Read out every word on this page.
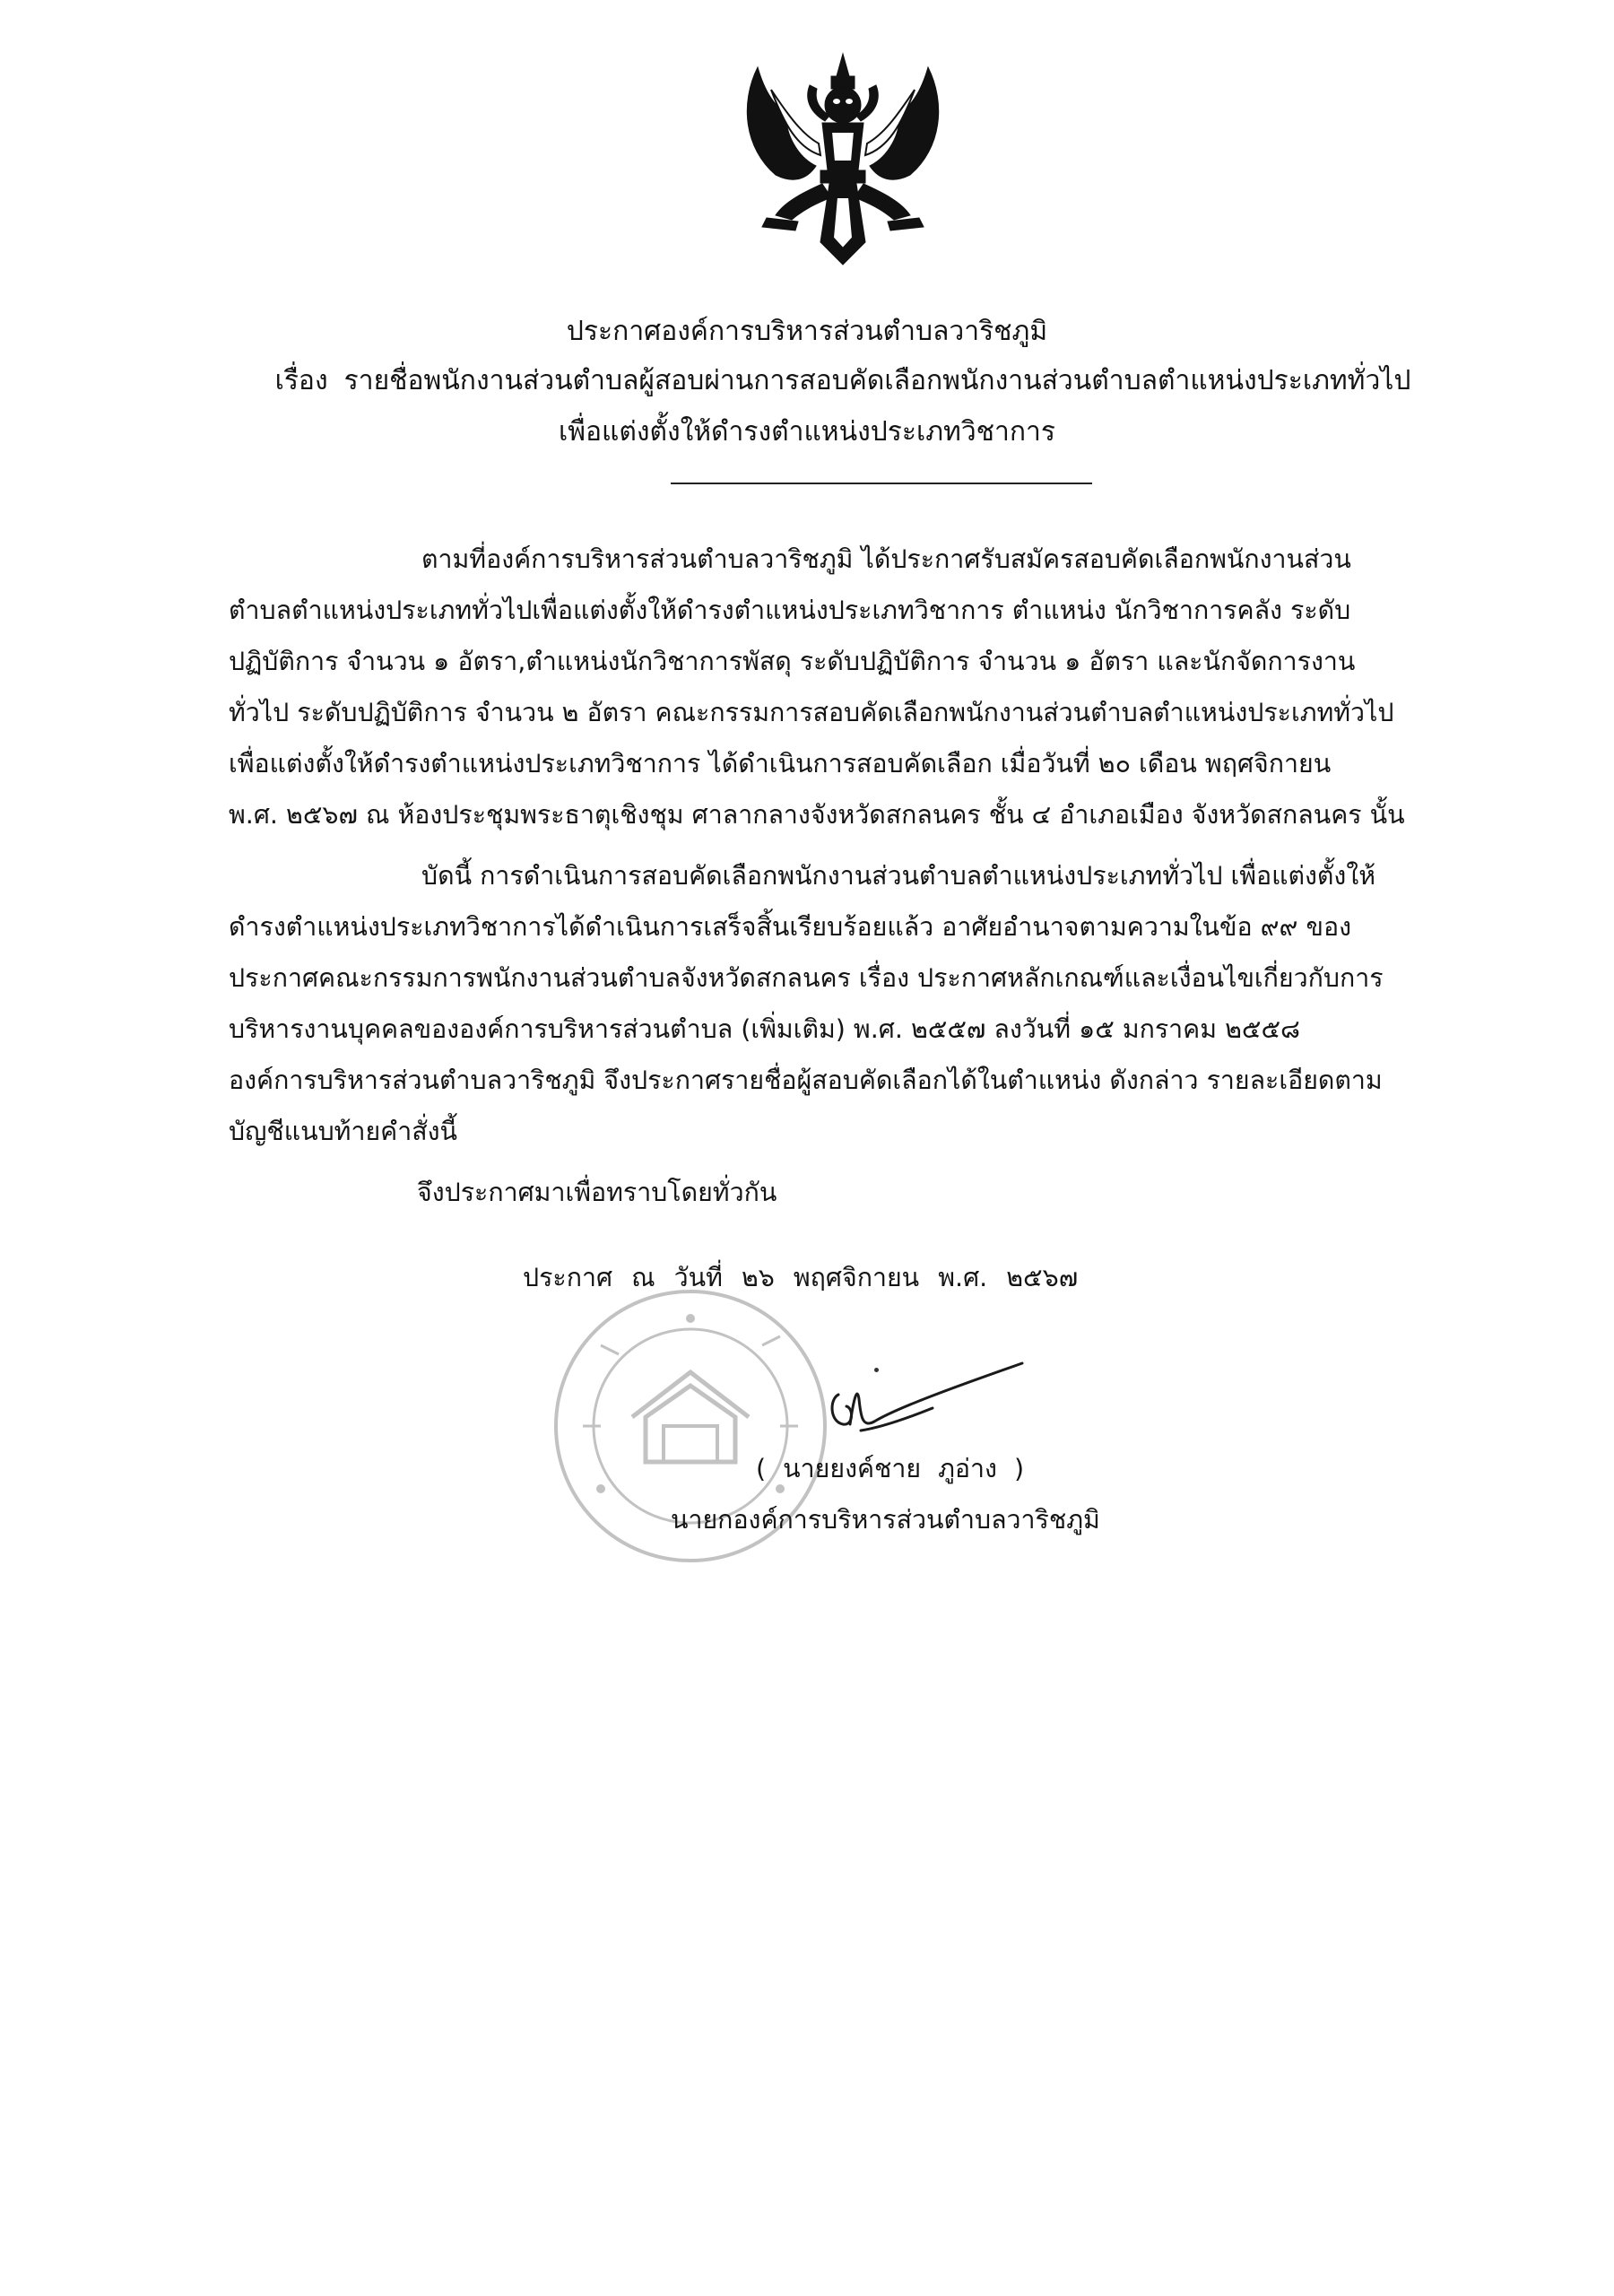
ประกาศองค์การบริหารส่วนตำบลวาริชภูมิ
เรื่อง รายชื่อพนักงานส่วนตำบลผู้สอบผ่านการสอบคัดเลือกพนักงานส่วนตำบลตำแหน่งประเภททั่วไป
เพื่อแต่งตั้งให้ดำรงตำแหน่งประเภทวิชาการ
ตามที่องค์การบริหารส่วนตำบลวาริชภูมิ ได้ประกาศรับสมัครสอบคัดเลือกพนักงานส่วน
ตำบลตำแหน่งประเภททั่วไปเพื่อแต่งตั้งให้ดำรงตำแหน่งประเภทวิชาการ ตำแหน่ง นักวิชาการคลัง ระดับ
ปฏิบัติการ จำนวน ๑ อัตรา,ตำแหน่งนักวิชาการพัสดุ ระดับปฏิบัติการ จำนวน ๑ อัตรา และนักจัดการงาน
ทั่วไป ระดับปฏิบัติการ จำนวน ๒ อัตรา คณะกรรมการสอบคัดเลือกพนักงานส่วนตำบลตำแหน่งประเภททั่วไป
เพื่อแต่งตั้งให้ดำรงตำแหน่งประเภทวิชาการ ได้ดำเนินการสอบคัดเลือก เมื่อวันที่ ๒๐ เดือน พฤศจิกายน
พ.ศ. ๒๕๖๗ ณ ห้องประชุมพระธาตุเชิงชุม ศาลากลางจังหวัดสกลนคร ชั้น ๔ อำเภอเมือง จังหวัดสกลนคร นั้น
บัดนี้ การดำเนินการสอบคัดเลือกพนักงานส่วนตำบลตำแหน่งประเภททั่วไป เพื่อแต่งตั้งให้
ดำรงตำแหน่งประเภทวิชาการได้ดำเนินการเสร็จสิ้นเรียบร้อยแล้ว อาศัยอำนาจตามความในข้อ ๙๙ ของ
ประกาศคณะกรรมการพนักงานส่วนตำบลจังหวัดสกลนคร เรื่อง ประกาศหลักเกณฑ์และเงื่อนไขเกี่ยวกับการ
บริหารงานบุคคลขององค์การบริหารส่วนตำบล (เพิ่มเติม) พ.ศ. ๒๕๕๗ ลงวันที่ ๑๕ มกราคม ๒๕๕๘
องค์การบริหารส่วนตำบลวาริชภูมิ จึงประกาศรายชื่อผู้สอบคัดเลือกได้ในตำแหน่ง ดังกล่าว รายละเอียดตาม
บัญชีแนบท้ายคำสั่งนี้
จึงประกาศมาเพื่อทราบโดยทั่วกัน
ประกาศ ณ วันที่ ๒๖ พฤศจิกายน พ.ศ. ๒๕๖๗
( นายยงค์ชาย ภูอ่าง )
นายกองค์การบริหารส่วนตำบลวาริชภูมิ
